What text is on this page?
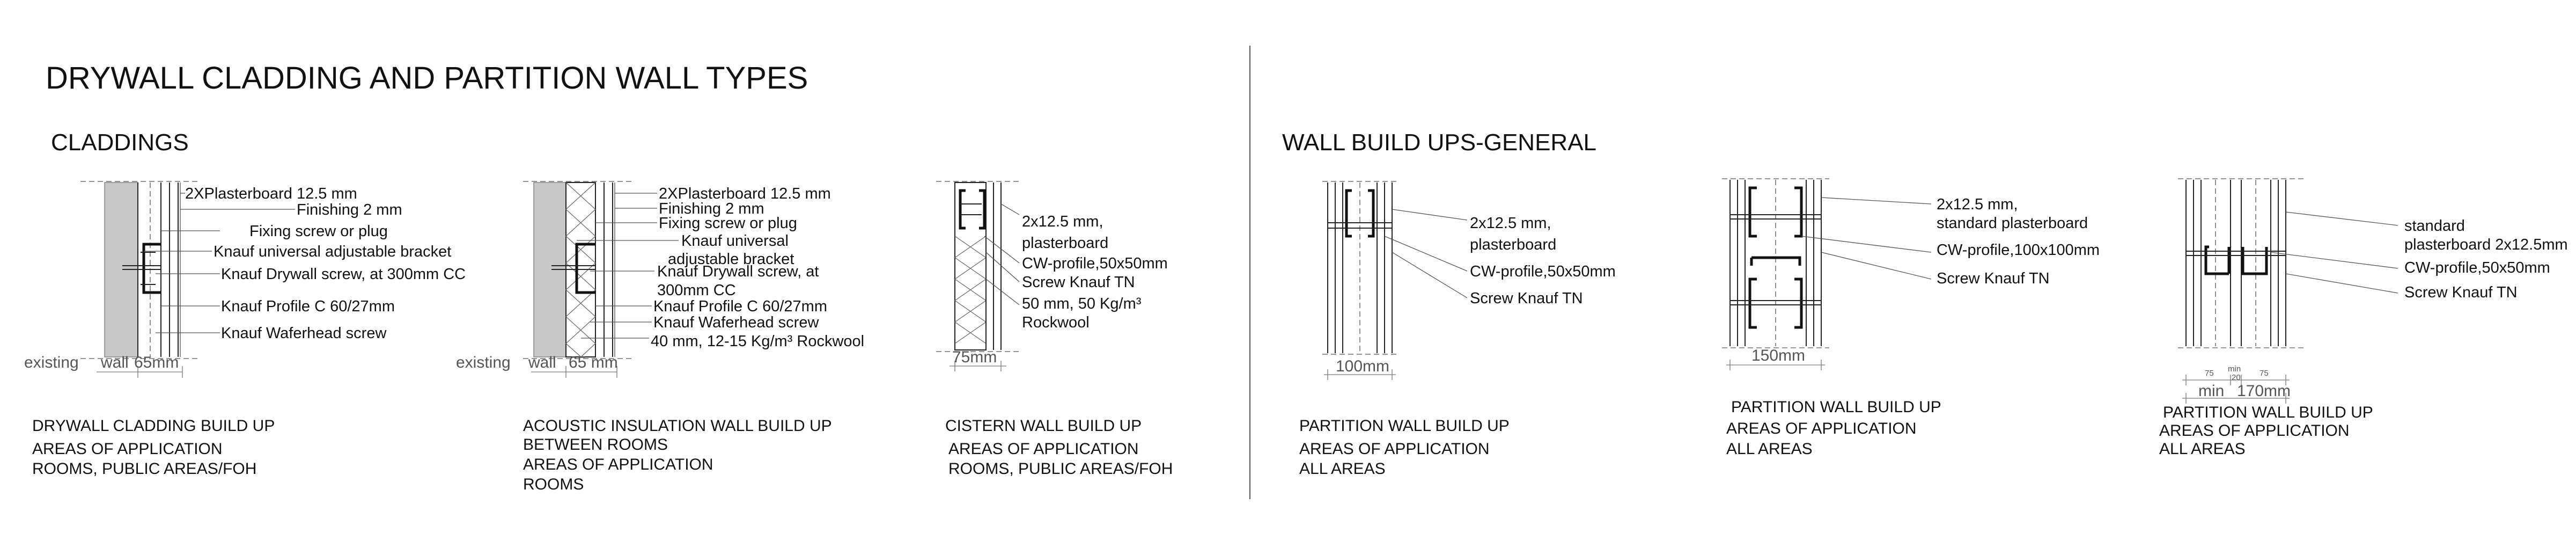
DRYWALL CLADDING AND PARTITION WALL TYPES
CLADDINGS	WALL BUILD UPS-GENERAL
2XPlasterboard 12.5 mm
Finishing 2 mm
Fixing screw or plug
Knauf universal adjustable bracket
Knauf Drywall screw, at 300mm CC
Knauf Profile C 60/27mm
Knauf Waferhead screw
existing wall 65mm
DRYWALL CLADDING BUILD UP
AREAS OF APPLICATION
ROOMS, PUBLIC AREAS/FOH
2XPlasterboard 12.5 mm
Finishing 2 mm
Fixing screw or plug
Knauf universal
adjustable bracket
Knauf Drywall screw, at
300mm CC
Knauf Profile C 60/27mm
Knauf Waferhead screw
40 mm, 12-15 Kg/m³ Rockwool
existing wall 65 mm
ACOUSTIC INSULATION WALL BUILD UP
BETWEEN ROOMS
AREAS OF APPLICATION
ROOMS
2x12.5 mm,
plasterboard
CW-profile,50x50mm
Screw Knauf TN
50 mm, 50 Kg/m³
Rockwool
75mm
CISTERN WALL BUILD UP
AREAS OF APPLICATION
ROOMS, PUBLIC AREAS/FOH
2x12.5 mm,
plasterboard
CW-profile,50x50mm
Screw Knauf TN
100mm
PARTITION WALL BUILD UP
AREAS OF APPLICATION
ALL AREAS
2x12.5 mm,
standard plasterboard
CW-profile,100x100mm
Screw Knauf TN
150mm
PARTITION WALL BUILD UP
AREAS OF APPLICATION
ALL AREAS
standard
plasterboard 2x12.5mm
CW-profile,50x50mm
Screw Knauf TN
75 min
20 75
min 170mm
PARTITION WALL BUILD UP
AREAS OF APPLICATION
ALL AREAS
